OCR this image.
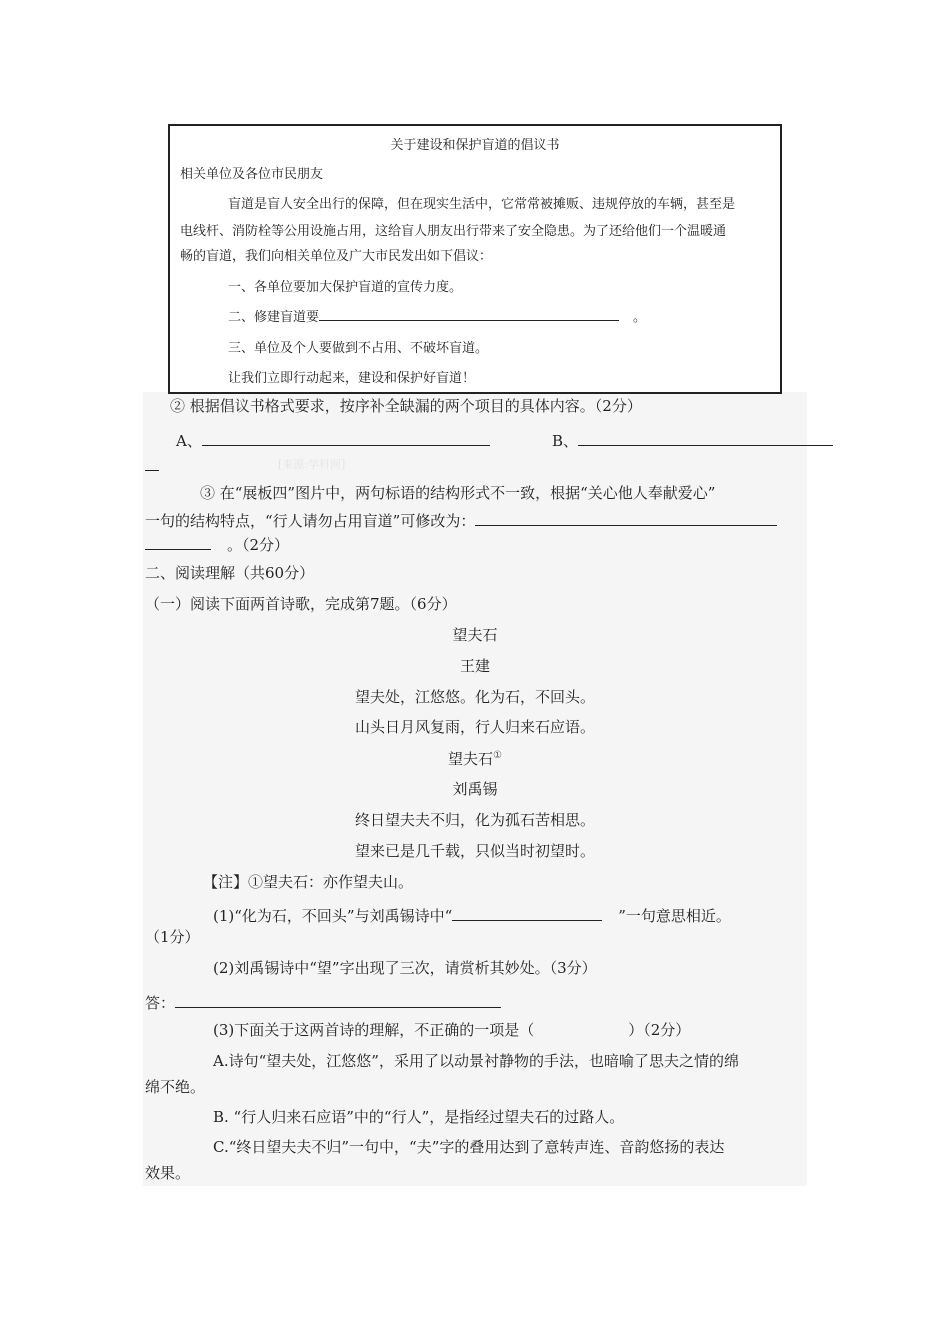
关于建设和保护盲道的倡议书
相关单位及各位市民朋友
盲道是盲人安全出行的保障，但在现实生活中，它常常被摊贩、违规停放的车辆，甚至是
电线杆、消防栓等公用设施占用，这给盲人朋友出行带来了安全隐患。为了还给他们一个温暖通
畅的盲道，我们向相关单位及广大市民发出如下倡议：
一、各单位要加大保护盲道的宣传力度。
二、修建盲道要	。
三、单位及个人要做到不占用、不破坏盲道。
让我们立即行动起来，建设和保护好盲道！
② 根据倡议书格式要求，按序补全缺漏的两个项目的具体内容。（2分）
A、	B、
[来源:学科网]
③ 在“展板四”图片中，两句标语的结构形式不一致，根据“关心他人奉献爱心”
一句的结构特点，“行人请勿占用盲道”可修改为：
。（2分）
二、阅读理解（共60分）
（一）阅读下面两首诗歌，完成第7题。（6分）
望夫石
王建
望夫处，江悠悠。化为石，不回头。
山头日月风复雨，行人归来石应语。
望夫石①
刘禹锡
终日望夫夫不归，化为孤石苦相思。
望来已是几千载，只似当时初望时。
【注】①望夫石：亦作望夫山。
(1)“化为石，不回头”与刘禹锡诗中“	”一句意思相近。
（1分）
(2)刘禹锡诗中“望”字出现了三次，请赏析其妙处。（3分）
答：
(3)下面关于这两首诗的理解，不正确的一项是（	）（2分）
A.诗句“望夫处，江悠悠”，采用了以动景衬静物的手法，也暗喻了思夫之情的绵
绵不绝。
B. “行人归来石应语”中的“行人”，是指经过望夫石的过路人。
C.“终日望夫夫不归”一句中，“夫”字的叠用达到了意转声连、音韵悠扬的表达
效果。
